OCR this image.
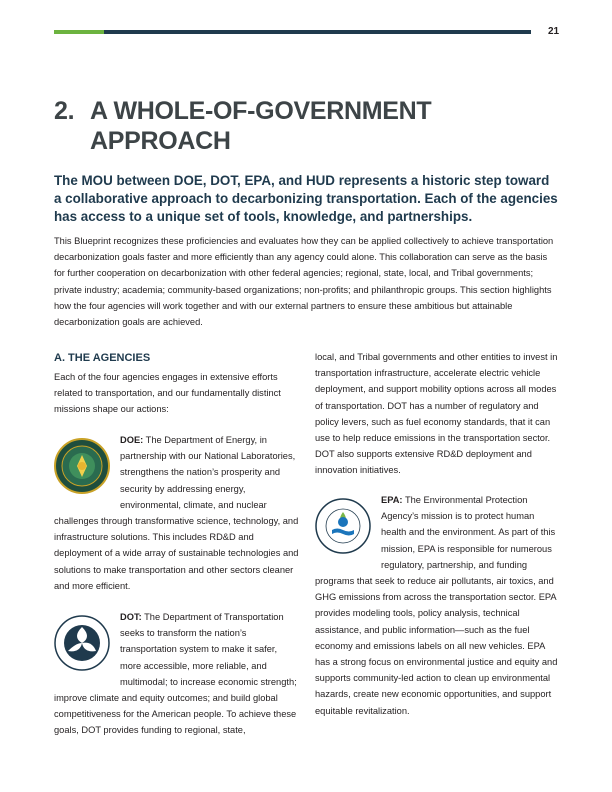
21
2. A WHOLE-OF-GOVERNMENT APPROACH
The MOU between DOE, DOT, EPA, and HUD represents a historic step toward a collaborative approach to decarbonizing transportation. Each of the agencies has access to a unique set of tools, knowledge, and partnerships.
This Blueprint recognizes these proficiencies and evaluates how they can be applied collectively to achieve transportation decarbonization goals faster and more efficiently than any agency could alone. This collaboration can serve as the basis for further cooperation on decarbonization with other federal agencies; regional, state, local, and Tribal governments; private industry; academia; community-based organizations; non-profits; and philanthropic groups. This section highlights how the four agencies will work together and with our external partners to ensure these ambitious but attainable decarbonization goals are achieved.
A. THE AGENCIES
Each of the four agencies engages in extensive efforts related to transportation, and our fundamentally distinct missions shape our actions:
DOE: The Department of Energy, in partnership with our National Laboratories, strengthens the nation’s prosperity and security by addressing energy, environmental, climate, and nuclear challenges through transformative science, technology, and infrastructure solutions. This includes RD&D and deployment of a wide array of sustainable technologies and solutions to make transportation and other sectors cleaner and more efficient.
DOT: The Department of Transportation seeks to transform the nation’s transportation system to make it safer, more accessible, more reliable, and multimodal; to increase economic strength; improve climate and equity outcomes; and build global competitiveness for the American people. To achieve these goals, DOT provides funding to regional, state,
local, and Tribal governments and other entities to invest in transportation infrastructure, accelerate electric vehicle deployment, and support mobility options across all modes of transportation. DOT has a number of regulatory and policy levers, such as fuel economy standards, that it can use to help reduce emissions in the transportation sector. DOT also supports extensive RD&D deployment and innovation initiatives.
EPA: The Environmental Protection Agency’s mission is to protect human health and the environment. As part of this mission, EPA is responsible for numerous regulatory, partnership, and funding programs that seek to reduce air pollutants, air toxics, and GHG emissions from across the transportation sector. EPA provides modeling tools, policy analysis, technical assistance, and public information—such as the fuel economy and emissions labels on all new vehicles. EPA has a strong focus on environmental justice and equity and supports community-led action to clean up environmental hazards, create new economic opportunities, and support equitable revitalization.
